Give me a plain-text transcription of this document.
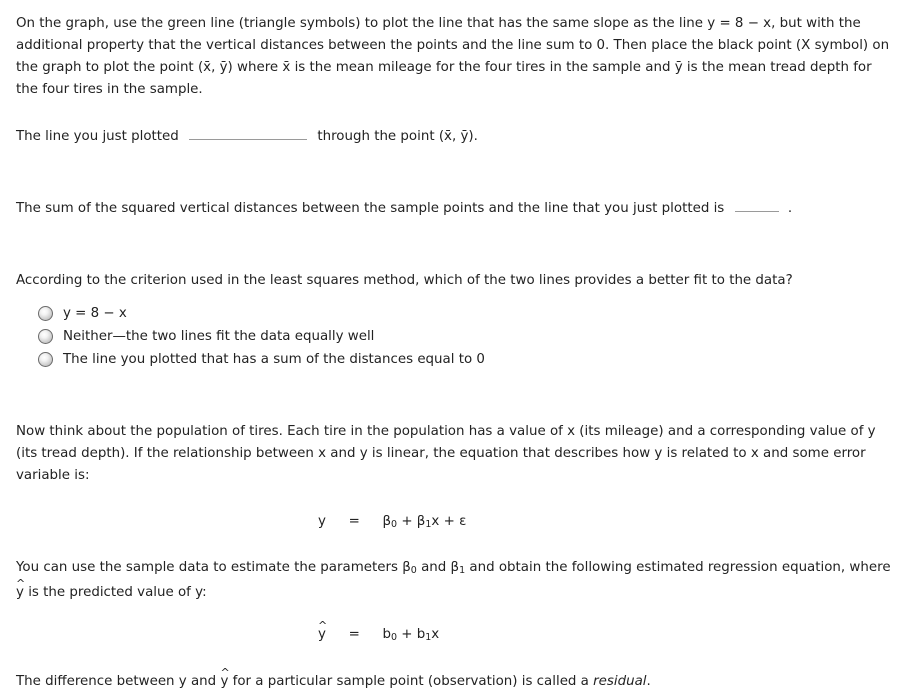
On the graph, use the green line (triangle symbols) to plot the line that has the same slope as the line y = 8 − x, but with the additional property that the vertical distances between the points and the line sum to 0. Then place the black point (X symbol) on the graph to plot the point (x̄, ȳ) where x̄ is the mean mileage for the four tires in the sample and ȳ is the mean tread depth for the four tires in the sample.

The line you just plotted	through the point (x̄, ȳ).

The sum of the squared vertical distances between the sample points and the line that you just plotted is	.

According to the criterion used in the least squares method, which of the two lines provides a better fit to the data?

y = 8 − x
Neither—the two lines fit the data equally well
The line you plotted that has a sum of the distances equal to 0

Now think about the population of tires. Each tire in the population has a value of x (its mileage) and a corresponding value of y (its tread depth). If the relationship between x and y is linear, the equation that describes how y is related to x and some error variable is:

$y = \beta_0 + \beta_1x + \varepsilon$

You can use the sample data to estimate the parameters $\beta_0$ and $\beta_1$ and obtain the following estimated regression equation, where ^ y is the predicted value of y:

^ $y = b_0 + b_1x$

The difference between y and ^ y for a particular sample point (observation) is called a residual.
